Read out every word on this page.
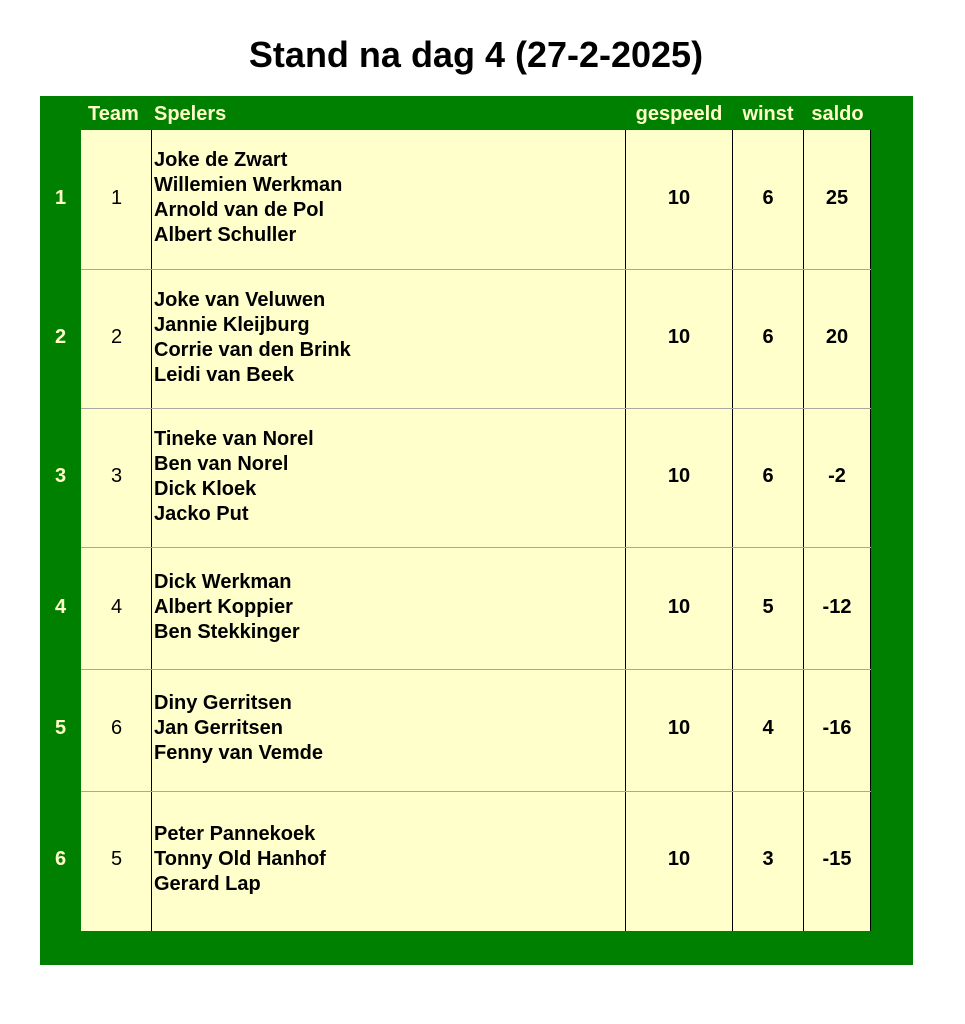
Stand na dag 4 (27-2-2025)
Team Spelers	gespeeld	winst saldo
1	1
Joke de Zwart
Willemien Werkman
Arnold van de Pol
Albert Schuller
10	6	25
2	2
Joke van Veluwen
Jannie Kleijburg
Corrie van den Brink
Leidi van Beek
10	6	20
3	3
Tineke van Norel
Ben van Norel
Dick Kloek
Jacko Put
10	6	-2
4	4
Dick Werkman
Albert Koppier
Ben Stekkinger
10	5	-12
5	6
Diny Gerritsen
Jan Gerritsen
Fenny van Vemde
10	4	-16
6	5
Peter Pannekoek
Tonny Old Hanhof
Gerard Lap
10	3	-15
